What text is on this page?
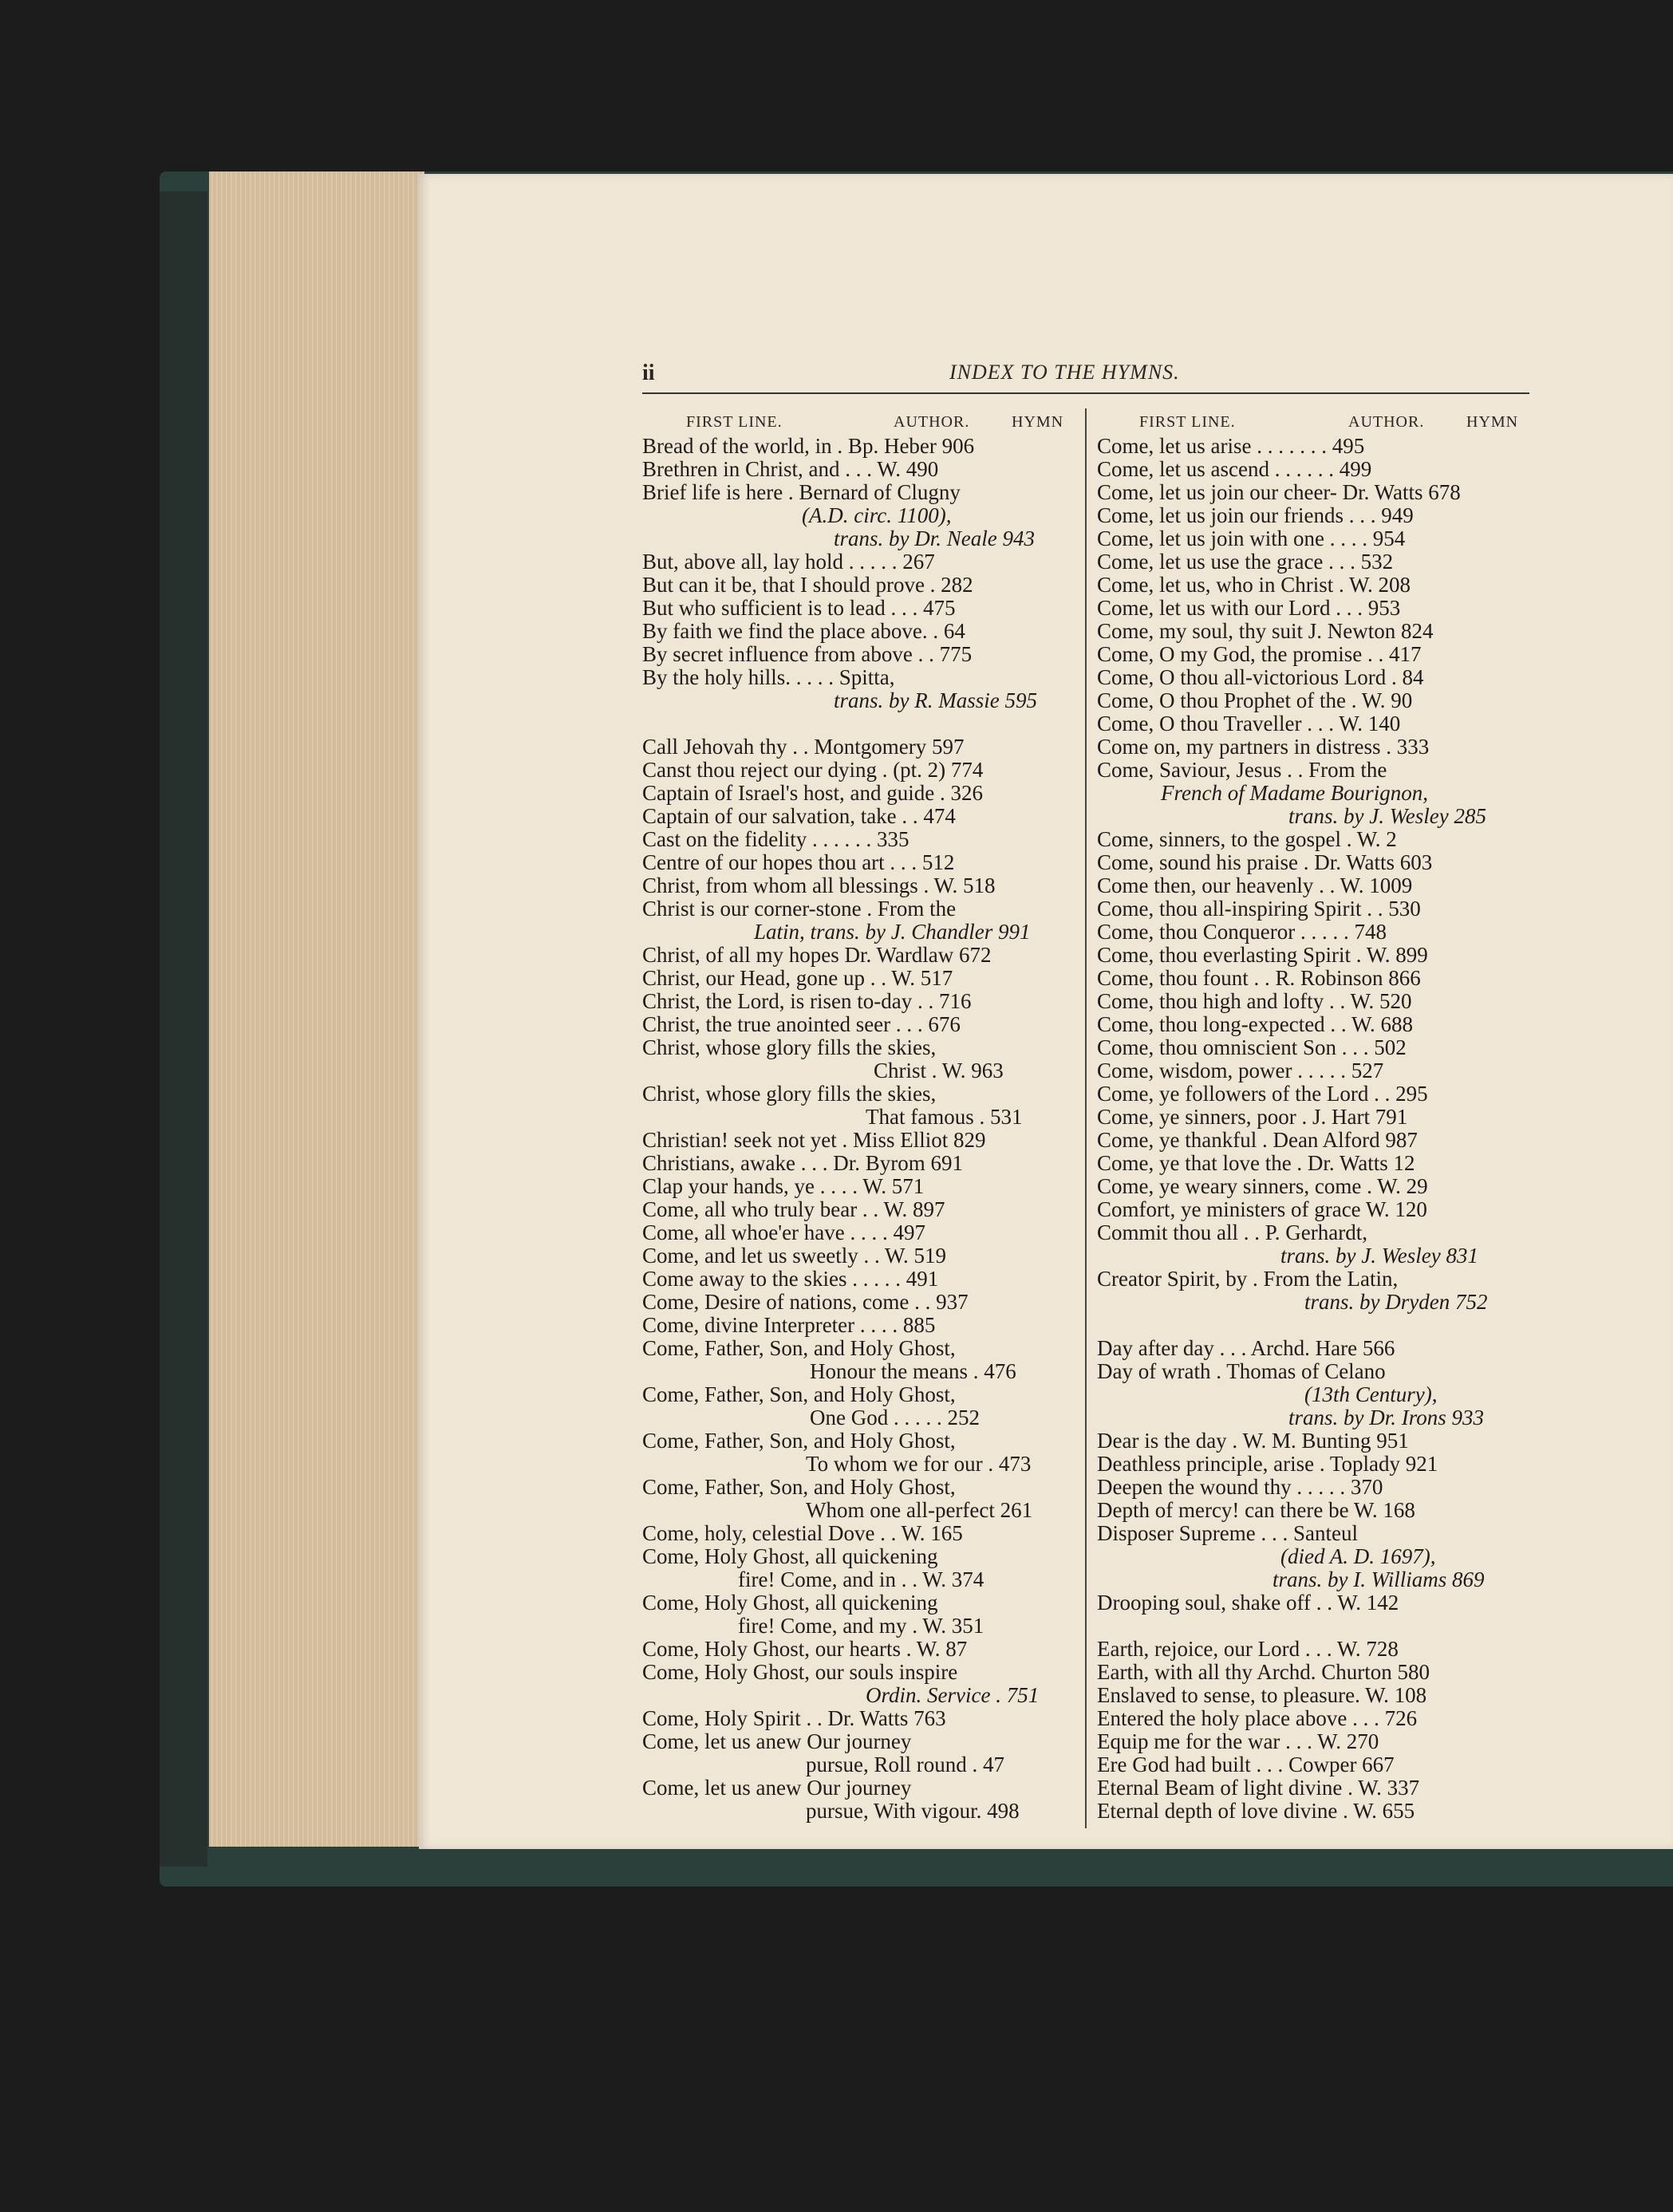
ii	INDEX TO THE HYMNS.
FIRST LINE.	AUTHOR.	HYMN	FIRST LINE.	AUTHOR.	HYMN
Bread of the world, in . Bp. Heber 906
Brethren in Christ, and . . . W. 490
Brief life is here . Bernard of Clugny
(A.D. circ. 1100),
trans. by Dr. Neale 943
But, above all, lay hold . . . . . 267
But can it be, that I should prove . 282
But who sufficient is to lead . . . 475
By faith we find the place above. . 64
By secret influence from above . . 775
By the holy hills. . . . . Spitta,
trans. by R. Massie 595
Call Jehovah thy . . Montgomery 597
Canst thou reject our dying . (pt. 2) 774
Captain of Israel's host, and guide . 326
Captain of our salvation, take . . 474
Cast on the fidelity . . . . . . 335
Centre of our hopes thou art . . . 512
Christ, from whom all blessings . W. 518
Christ is our corner-stone . From the
Latin, trans. by J. Chandler 991
Christ, of all my hopes Dr. Wardlaw 672
Christ, our Head, gone up . . W. 517
Christ, the Lord, is risen to-day . . 716
Christ, the true anointed seer . . . 676
Christ, whose glory fills the skies,
Christ . W. 963
Christ, whose glory fills the skies,
That famous . 531
Christian! seek not yet . Miss Elliot 829
Christians, awake . . . Dr. Byrom 691
Clap your hands, ye . . . . W. 571
Come, all who truly bear . . W. 897
Come, all whoe'er have . . . . 497
Come, and let us sweetly . . W. 519
Come away to the skies . . . . . 491
Come, Desire of nations, come . . 937
Come, divine Interpreter . . . . 885
Come, Father, Son, and Holy Ghost,
Honour the means . 476
Come, Father, Son, and Holy Ghost,
One God . . . . . 252
Come, Father, Son, and Holy Ghost,
To whom we for our . 473
Come, Father, Son, and Holy Ghost,
Whom one all-perfect 261
Come, holy, celestial Dove . . W. 165
Come, Holy Ghost, all quickening
fire! Come, and in . . W. 374
Come, Holy Ghost, all quickening
fire! Come, and my . W. 351
Come, Holy Ghost, our hearts . W. 87
Come, Holy Ghost, our souls inspire
Ordin. Service . 751
Come, Holy Spirit . . Dr. Watts 763
Come, let us anew Our journey
pursue, Roll round . 47
Come, let us anew Our journey
pursue, With vigour. 498
Come, let us arise . . . . . . . 495
Come, let us ascend . . . . . . 499
Come, let us join our cheer- Dr. Watts 678
Come, let us join our friends . . . 949
Come, let us join with one . . . . 954
Come, let us use the grace . . . 532
Come, let us, who in Christ . W. 208
Come, let us with our Lord . . . 953
Come, my soul, thy suit J. Newton 824
Come, O my God, the promise . . 417
Come, O thou all-victorious Lord . 84
Come, O thou Prophet of the . W. 90
Come, O thou Traveller . . . W. 140
Come on, my partners in distress . 333
Come, Saviour, Jesus . . From the
French of Madame Bourignon,
trans. by J. Wesley 285
Come, sinners, to the gospel . W. 2
Come, sound his praise . Dr. Watts 603
Come then, our heavenly . . W. 1009
Come, thou all-inspiring Spirit . . 530
Come, thou Conqueror . . . . . 748
Come, thou everlasting Spirit . W. 899
Come, thou fount . . R. Robinson 866
Come, thou high and lofty . . W. 520
Come, thou long-expected . . W. 688
Come, thou omniscient Son . . . 502
Come, wisdom, power . . . . . 527
Come, ye followers of the Lord . . 295
Come, ye sinners, poor . J. Hart 791
Come, ye thankful . Dean Alford 987
Come, ye that love the . Dr. Watts 12
Come, ye weary sinners, come . W. 29
Comfort, ye ministers of grace W. 120
Commit thou all . . P. Gerhardt,
trans. by J. Wesley 831
Creator Spirit, by . From the Latin,
trans. by Dryden 752
Day after day . . . Archd. Hare 566
Day of wrath . Thomas of Celano
(13th Century),
trans. by Dr. Irons 933
Dear is the day . W. M. Bunting 951
Deathless principle, arise . Toplady 921
Deepen the wound thy . . . . . 370
Depth of mercy! can there be W. 168
Disposer Supreme . . . Santeul
(died A. D. 1697),
trans. by I. Williams 869
Drooping soul, shake off . . W. 142
Earth, rejoice, our Lord . . . W. 728
Earth, with all thy Archd. Churton 580
Enslaved to sense, to pleasure. W. 108
Entered the holy place above . . . 726
Equip me for the war . . . W. 270
Ere God had built . . . Cowper 667
Eternal Beam of light divine . W. 337
Eternal depth of love divine . W. 655
